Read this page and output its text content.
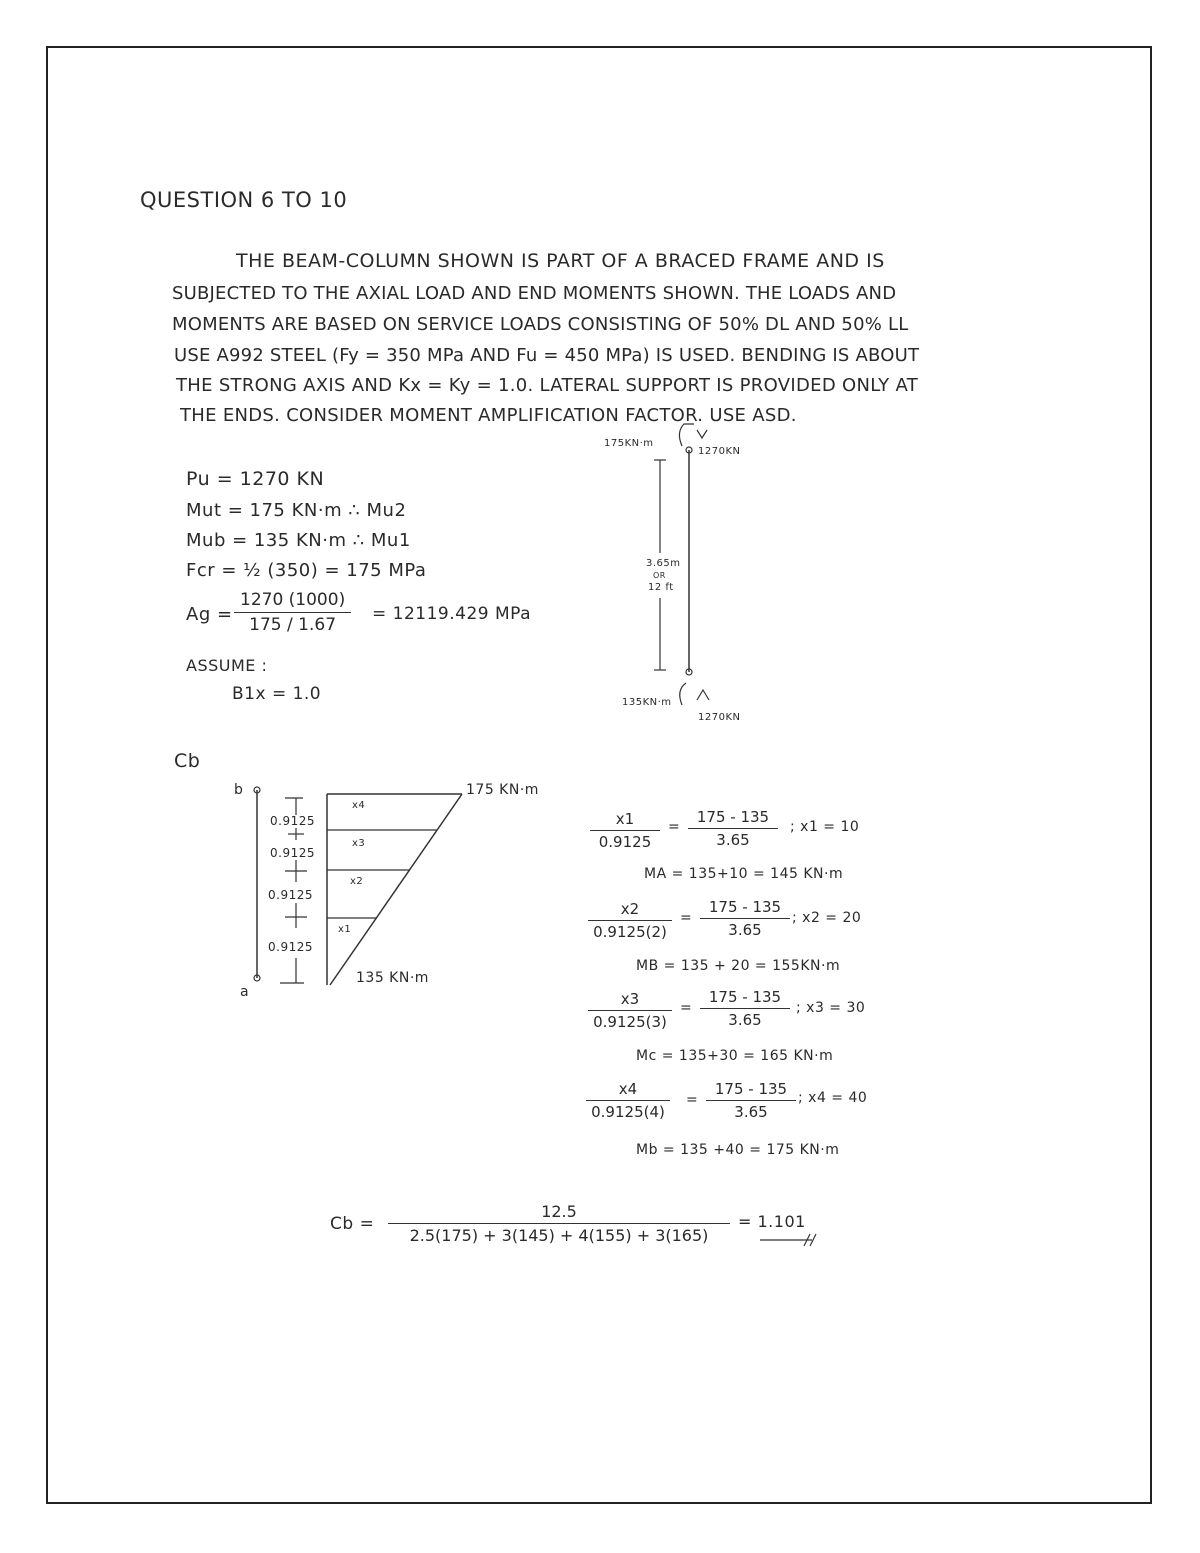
QUESTION 6 TO 10
THE BEAM-COLUMN SHOWN IS PART OF A BRACED FRAME AND IS
SUBJECTED TO THE AXIAL LOAD AND END MOMENTS SHOWN. THE LOADS AND
MOMENTS ARE BASED ON SERVICE LOADS CONSISTING OF 50% DL AND 50% LL
USE A992 STEEL (Fy = 350 MPa AND Fu = 450 MPa) IS USED. BENDING IS ABOUT
THE STRONG AXIS AND Kx = Ky = 1.0. LATERAL SUPPORT IS PROVIDED ONLY AT
THE ENDS. CONSIDER MOMENT AMPLIFICATION FACTOR. USE ASD.
Pu = 1270 KN
Mut = 175 KN·m ∴ Mu2
Mub = 135 KN·m ∴ Mu1
Fcr = ½ (350) = 175 MPa
$Ag = \frac{1270 (1000)}{175 / 1.67} = 12119.429$ MPa
ASSUME :
B1x = 1.0
175KN·m
1270KN
3.65m
OR
12 ft
135KN·m
1270KN
Cb
b
a
0.9125
0.9125
0.9125
0.9125
x4
x3
x2
x1
175 KN·m
135 KN·m
$\frac{x1}{0.9125} = \frac{175 - 135}{3.65}$ ; x1 = 10
MA = 135+10 = 145 KN·m
$\frac{x2}{0.9125(2)} = \frac{175 - 135}{3.65}$ ; x2 = 20
MB = 135 + 20 = 155KN·m
$\frac{x3}{0.9125(3)} = \frac{175 - 135}{3.65}$ ; x3 = 30
Mc = 135+30 = 165 KN·m
$\frac{x4}{0.9125(4)} = \frac{175 - 135}{3.65}$ ; x4 = 40
Mb = 135 +40 = 175 KN·m
$Cb = \frac{12.5}{2.5(175) + 3(145) + 4(155) + 3(165)} = 1.101$
